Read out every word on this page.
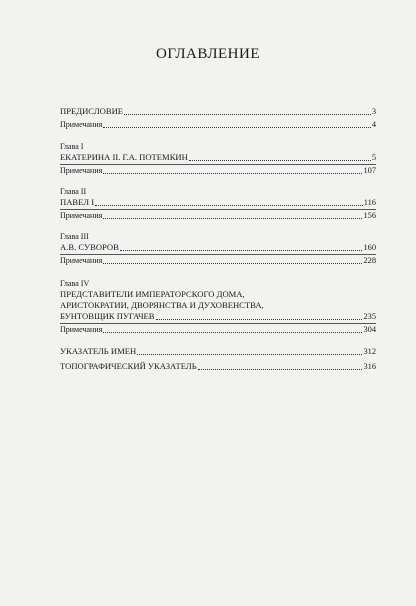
ОГЛАВЛЕНИЕ
ПРЕДИСЛОВИЕ	3
Примечания	4
Глава I
ЕКАТЕРИНА II. Г.А. ПОТЕМКИН	5
Примечания	107
Глава II
ПАВЕЛ I	116
Примечания	156
Глава III
А.В. СУВОРОВ	160
Примечания	228
Глава IV
ПРЕДСТАВИТЕЛИ ИМПЕРАТОРСКОГО ДОМА,
АРИСТОКРАТИИ, ДВОРЯНСТВА И ДУХОВЕНСТВА,
БУНТОВЩИК ПУГАЧЕВ	235
Примечания	304
УКАЗАТЕЛЬ ИМЕН	312
ТОПОГРАФИЧЕСКИЙ УКАЗАТЕЛЬ	316
